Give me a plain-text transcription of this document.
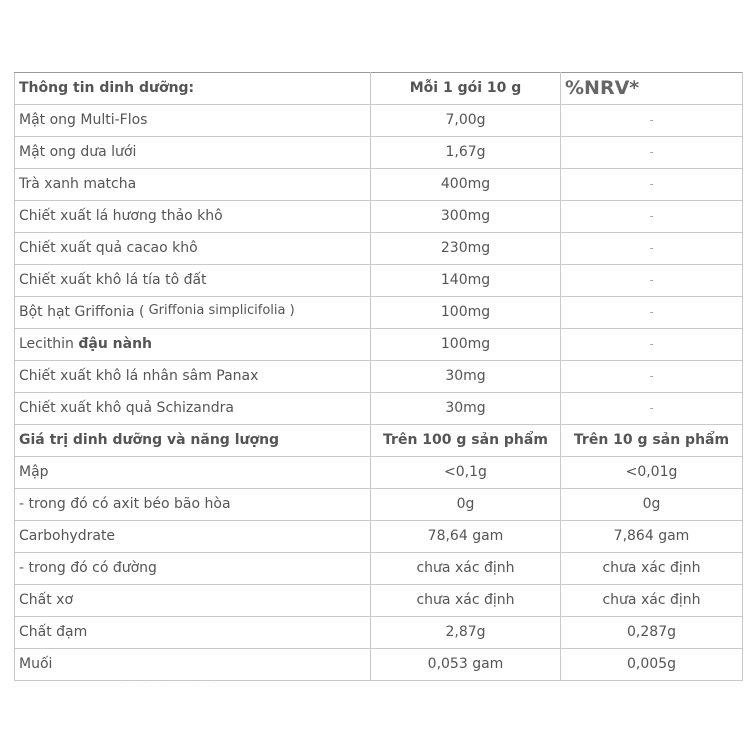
Thông tin dinh dưỡng:	Mỗi 1 gói 10 g	%NRV*
Mật ong Multi-Flos	7,00g	-
Mật ong dưa lưới	1,67g	-
Trà xanh matcha	400mg	-
Chiết xuất lá hương thảo khô	300mg	-
Chiết xuất quả cacao khô	230mg	-
Chiết xuất khô lá tía tô đất	140mg	-
Bột hạt Griffonia ( Griffonia simplicifolia )	100mg	-
Lecithin đậu nành	100mg	-
Chiết xuất khô lá nhân sâm Panax	30mg	-
Chiết xuất khô quả Schizandra	30mg	-
Giá trị dinh dưỡng và năng lượng	Trên 100 g sản phẩm	Trên 10 g sản phẩm
Mập	<0,1g	<0,01g
- trong đó có axit béo bão hòa	0g	0g
Carbohydrate	78,64 gam	7,864 gam
- trong đó có đường	chưa xác định	chưa xác định
Chất xơ	chưa xác định	chưa xác định
Chất đạm	2,87g	0,287g
Muối	0,053 gam	0,005g
· · · · · · · · ·
